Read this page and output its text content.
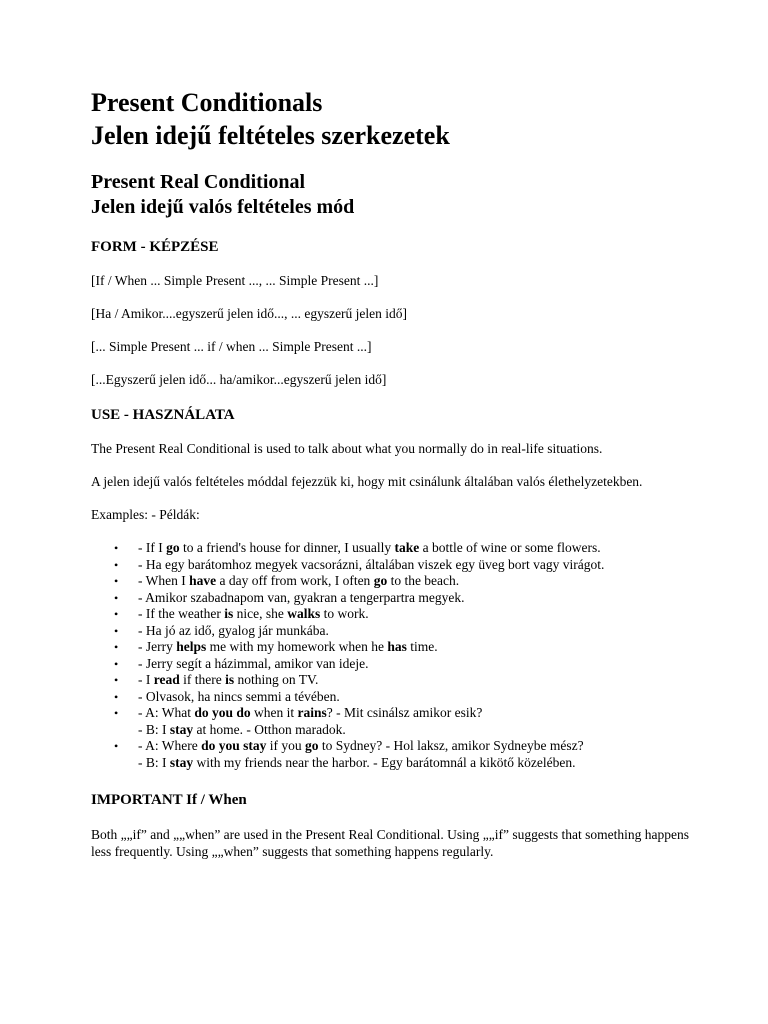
Present Conditionals
Jelen idejű feltételes szerkezetek
Present Real Conditional
Jelen idejű valós feltételes mód
FORM - KÉPZÉSE

[If / When ... Simple Present ..., ... Simple Present ...]

[Ha / Amikor....egyszerű jelen idő..., ... egyszerű jelen idő]

[... Simple Present ... if / when ... Simple Present ...]

[...Egyszerű jelen idő... ha/amikor...egyszerű jelen idő]

USE - HASZNÁLATA

The Present Real Conditional is used to talk about what you normally do in real-life situations.

A jelen idejű valós feltételes móddal fejezzük ki, hogy mit csinálunk általában valós élethelyzetekben.

Examples: - Példák:

• - If I go to a friend's house for dinner, I usually take a bottle of wine or some flowers.
• - Ha egy barátomhoz megyek vacsorázni, általában viszek egy üveg bort vagy virágot.
• - When I have a day off from work, I often go to the beach.
• - Amikor szabadnapom van, gyakran a tengerpartra megyek.
• - If the weather is nice, she walks to work.
• - Ha jó az idő, gyalog jár munkába.
• - Jerry helps me with my homework when he has time.
• - Jerry segít a házimmal, amikor van ideje.
• - I read if there is nothing on TV.
• - Olvasok, ha nincs semmi a tévében.
• - A: What do you do when it rains? - Mit csinálsz amikor esik?
- B: I stay at home. - Otthon maradok.
• - A: Where do you stay if you go to Sydney? - Hol laksz, amikor Sydneybe mész?
- B: I stay with my friends near the harbor. - Egy barátomnál a kikötő közelében.
IMPORTANT If / When

Both „„if” and „„when” are used in the Present Real Conditional. Using „„if” suggests that something happens less frequently. Using „„when” suggests that something happens regularly.
